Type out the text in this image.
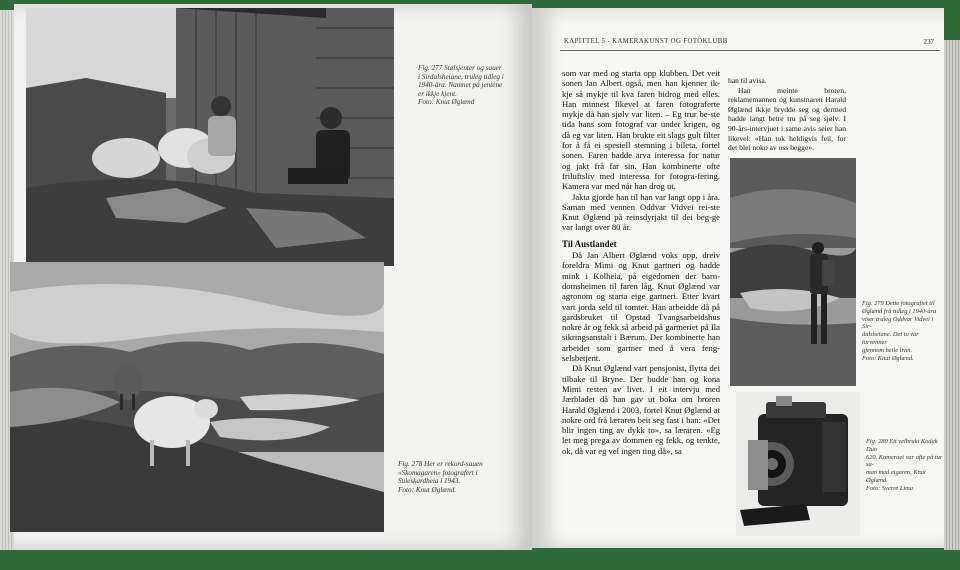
Fig. 277 Stølsjenter og sauer
i Sirdalsheiane, truleg tidleg i
1940-åra. Namnet på jentene
er ikkje kjent.
Foto: Knut Øglænd
Fig. 278 Her er rekord-sauen
«Skomagaren» fotografert i
Suleskardheia i 1943.
Foto: Knut Øglænd.
KAPITTEL 5 - KAMERAKUNST OG FOTOKLUBB	237

som var med og starta opp klubben. Det veit sonen Jan Albert også, men han kjenner ik-kje så mykje til kva faren bidrog med elles. Han minnest likevel at faren fotograferte mykje då han sjølv var liten. – Eg trur be-ste tida hans som fotograf var under krigen, og då eg var liten. Han brukte eit slags gult filter for å få ei spesiell stemning i bileta, fortel sonen. Faren hadde arva interessa for natur og jakt frå far sin. Han kombinerte ofte friluftsliv med interessa for fotogra-fering. Kamera var med når han drog ut.

Jakta gjorde han til han var langt opp i åra. Saman med vennen Oddvar Vidvei rei-ste Knut Øglænd på reinsdyrjakt til dei beg-ge var langt over 80 år.

Til Austlandet

Då Jan Albert Øglænd voks opp, dreiv foreldra Mimi og Knut gartneri og hadde mink i Kolheia, på eigedomen der barn-domsheimen til faren låg. Knut Øglænd var agronom og starta eige gartneri. Etter kvart vart jorda seld til tomter. Han arbeidde då på gardsbruket til Opstad Tvangsarbeidshus nokre år og fekk så arbeid på gartneriet på Ila sikringsanstalt i Bærum. Der kombinerte han arbeidet som gartner med å vera feng-selsbetjent.

Då Knut Øglænd vart pensjonist, flytta dei tilbake til Bryne. Der budde han og kona Mimi resten av livet. I eit intervju med Jærbladet då han gav ut boka om broren Harald Øglænd i 2003, fortel Knut Øglænd at nokre ord frå læraren beit seg fast i han: «Det blir ingen ting av dykk to», sa læraren. «Eg let meg prega av dommen eg fekk, og tenkte, ok, då var eg vel ingen ting då», sa

han til avisa.

Han meinte broren, reklamemannen og kunstnaren Harald Øglænd ikkje brydde seg og dermed hadde langt betre tru på seg sjølv. I 90-års-intervjuet i same avis seier han likevel: «Han tok heldigvis feil, for det blei noko av oss begge».

Fig. 279 Dette fotografiet til
Øglænd frå tidleg i 1940-åra
viser truleg Oddvar Vidvei i Sir-
dalsheiane. Det to var turvenner
gjennom heile livet.
Foto: Knut Øglænd.
Fig. 280 Eit velbrukt Kodak Duo
620. Kameraet var ofte på tur sa-
man med eigaren, Knut Øglænd.
Foto: Sverre Lima
